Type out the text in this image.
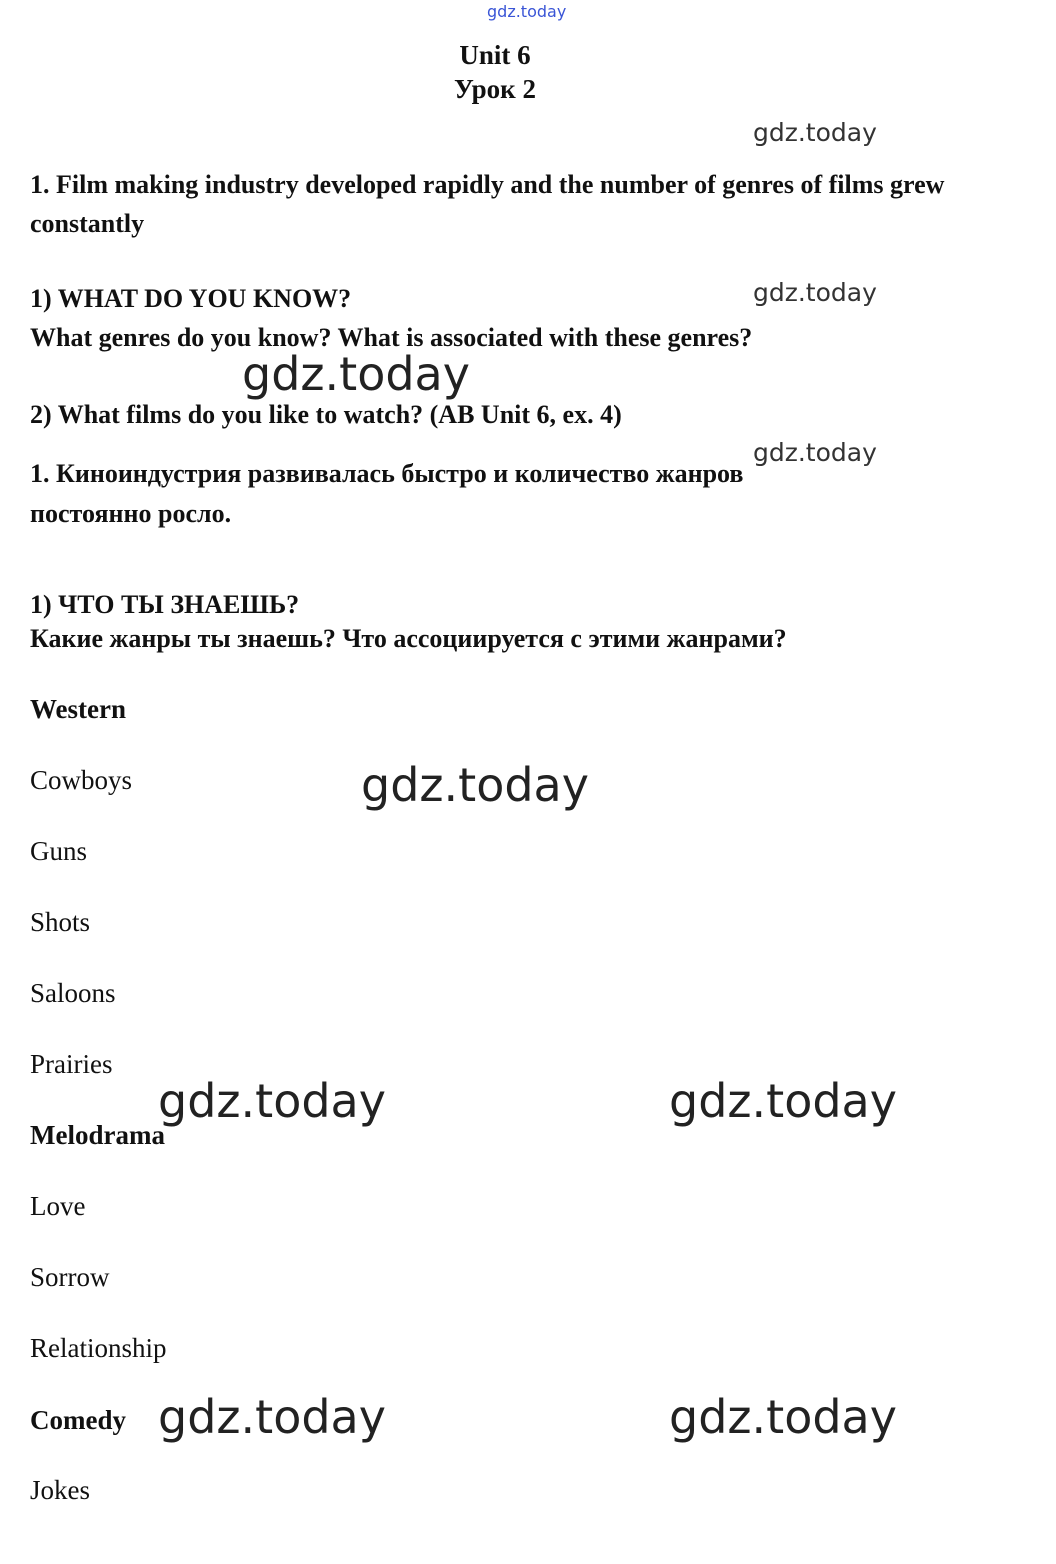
gdz.today
Unit 6
Урок 2
gdz.today
1. Film making industry developed rapidly and the number of genres of films grew constantly
1) WHAT DO YOU KNOW?	gdz.today
What genres do you know? What is associated with these genres?
gdz.today
2) What films do you like to watch? (AB Unit 6, ex. 4)
gdz.today
1. Киноиндустрия развивалась быстро и количество жанров
постоянно росло.
1) ЧТО ТЫ ЗНАЕШЬ?
Какие жанры ты знаешь? Что ассоциируется с этими жанрами?
Western
Cowboys	gdz.today
Guns
Shots
Saloons
Prairies
Melodrama
gdz.today	gdz.today
Love
Sorrow
Relationship
Comedy gdz.today	gdz.today
Jokes
